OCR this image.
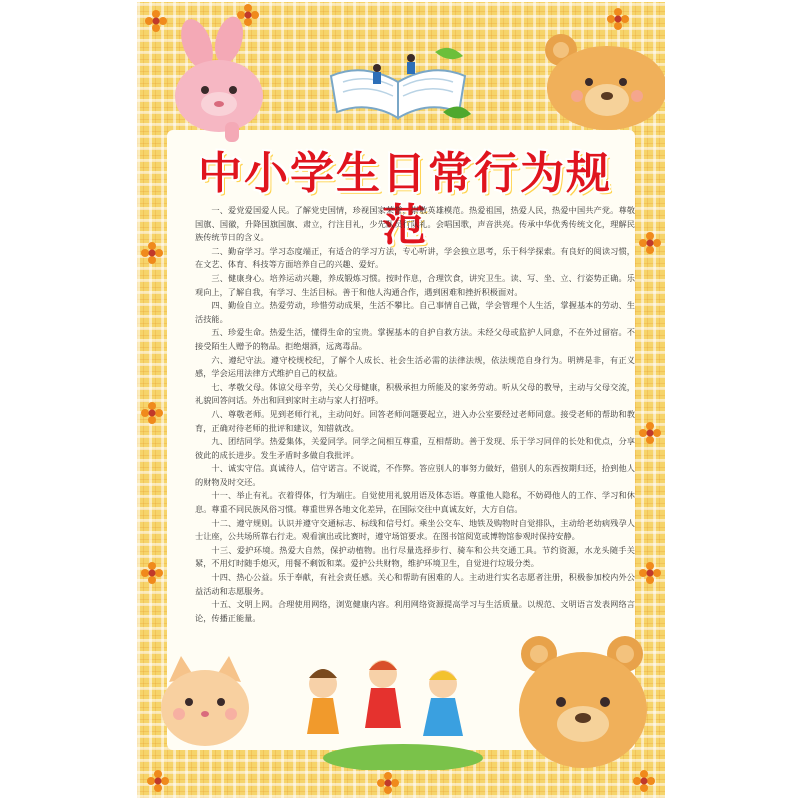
中小学生日常行为规范

一、爱党爱国爱人民。了解党史国情，珍视国家荣誉，崇敬英雄模范。热爱祖国，热爱人民，热爱中国共产党。尊敬国旗、国徽，升降国旗国旗、肃立，行注目礼，少先队员行队礼。会唱国歌，声音洪亮。传承中华优秀传统文化，理解民族传统节日的含义。

二、勤奋学习。学习态度端正，有适合的学习方法，专心听讲，学会独立思考，乐于科学探索。有良好的阅读习惯，在文艺、体育、科技等方面培养自己的兴趣、爱好。

三、健康身心。培养运动兴趣，养成锻炼习惯。按时作息，合理饮食，讲究卫生。读、写、坐、立、行姿势正确。乐观向上，了解自我，有学习、生活目标。善于和他人沟通合作，遇到困难和挫折积极面对。

四、勤俭自立。热爱劳动，珍惜劳动成果，生活不攀比。自己事情自己做，学会管理个人生活，掌握基本的劳动、生活技能。

五、珍爱生命。热爱生活，懂得生命的宝贵。掌握基本的自护自救方法。未经父母或监护人同意，不在外过留宿。不接受陌生人赠予的物品。拒绝烟酒，远离毒品。

六、遵纪守法。遵守校规校纪，了解个人成长、社会生活必需的法律法规，依法规范自身行为。明辨是非，有正义感，学会运用法律方式维护自己的权益。

七、孝敬父母。体谅父母辛劳，关心父母健康，积极承担力所能及的家务劳动。听从父母的教导，主动与父母交流，礼貌回答问话。外出和回到家时主动与家人打招呼。

八、尊敬老师。见到老师行礼，主动问好。回答老师问题要起立，进入办公室要经过老师同意。接受老师的帮助和教育，正确对待老师的批评和建议，知错就改。

九、团结同学。热爱集体，关爱同学。同学之间相互尊重，互相帮助。善于发现、乐于学习同伴的长处和优点，分享彼此的成长进步。发生矛盾时多做自我批评。

十、诚实守信。真诚待人，信守诺言。不说谎，不作弊。答应别人的事努力做好，借别人的东西按期归还，拾到他人的财物及时交还。

十一、举止有礼。衣着得体，行为端庄。自觉使用礼貌用语及体态语。尊重他人隐私，不妨碍他人的工作、学习和休息。尊重不同民族风俗习惯。尊重世界各地文化差异，在国际交往中真诚友好，大方自信。

十二、遵守规则。认识并遵守交通标志、标线和信号灯。乘坐公交车、地铁及购物时自觉排队，主动给老幼病残孕人士让座，公共场所靠右行走。观看演出或比赛时，遵守场馆要求。在图书馆阅览或博物馆参观时保持安静。

十三、爱护环境。热爱大自然，保护动植物。出行尽量选择步行、骑车和公共交通工具。节约资源，水龙头随手关紧，不用灯时随手熄灭，用餐不剩饭和菜。爱护公共财物，维护环境卫生，自觉进行垃圾分类。

十四、热心公益。乐于奉献，有社会责任感。关心和帮助有困难的人。主动进行实名志愿者注册，积极参加校内外公益活动和志愿服务。

十五、文明上网。合理使用网络，浏览健康内容。利用网络资源提高学习与生活质量。以规范、文明语言发表网络言论，传播正能量。
